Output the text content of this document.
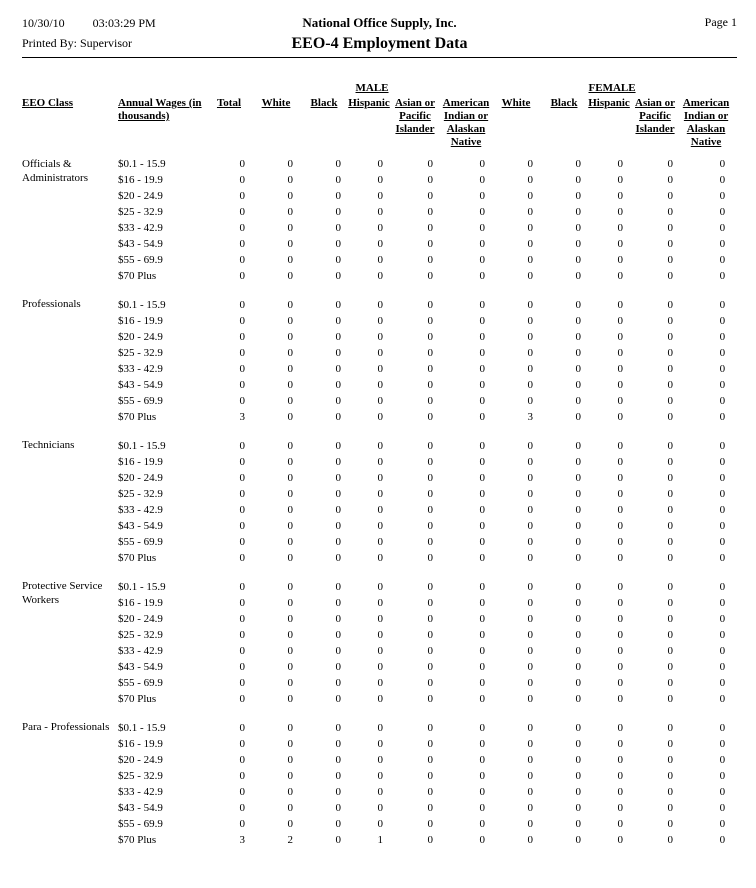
10/30/10 03:03:29 PM
Printed By: Supervisor
National Office Supply, Inc.
EEO-4 Employment Data
Page 1
			MALE					FEMALE				
EEO Class	Annual Wages (in thousands)	Total	White	Black	Hispanic	Asian or Pacific Islander	American Indian or Alaskan Native	White	Black	Hispanic	Asian or Pacific Islander	American Indian or Alaskan Native
Officials & Administrators	$0.1 - 15.9	0	0	0	0	0	0	0	0	0	0	0
	$16 - 19.9	0	0	0	0	0	0	0	0	0	0	0
	$20 - 24.9	0	0	0	0	0	0	0	0	0	0	0
	$25 - 32.9	0	0	0	0	0	0	0	0	0	0	0
	$33 - 42.9	0	0	0	0	0	0	0	0	0	0	0
	$43 - 54.9	0	0	0	0	0	0	0	0	0	0	0
	$55 - 69.9	0	0	0	0	0	0	0	0	0	0	0
	$70 Plus	0	0	0	0	0	0	0	0	0	0	0
Professionals	$0.1 - 15.9	0	0	0	0	0	0	0	0	0	0	0
	$16 - 19.9	0	0	0	0	0	0	0	0	0	0	0
	$20 - 24.9	0	0	0	0	0	0	0	0	0	0	0
	$25 - 32.9	0	0	0	0	0	0	0	0	0	0	0
	$33 - 42.9	0	0	0	0	0	0	0	0	0	0	0
	$43 - 54.9	0	0	0	0	0	0	0	0	0	0	0
	$55 - 69.9	0	0	0	0	0	0	0	0	0	0	0
	$70 Plus	3	0	0	0	0	0	3	0	0	0	0
Technicians	$0.1 - 15.9	0	0	0	0	0	0	0	0	0	0	0
	$16 - 19.9	0	0	0	0	0	0	0	0	0	0	0
	$20 - 24.9	0	0	0	0	0	0	0	0	0	0	0
	$25 - 32.9	0	0	0	0	0	0	0	0	0	0	0
	$33 - 42.9	0	0	0	0	0	0	0	0	0	0	0
	$43 - 54.9	0	0	0	0	0	0	0	0	0	0	0
	$55 - 69.9	0	0	0	0	0	0	0	0	0	0	0
	$70 Plus	0	0	0	0	0	0	0	0	0	0	0
Protective Service Workers	$0.1 - 15.9	0	0	0	0	0	0	0	0	0	0	0
	$16 - 19.9	0	0	0	0	0	0	0	0	0	0	0
	$20 - 24.9	0	0	0	0	0	0	0	0	0	0	0
	$25 - 32.9	0	0	0	0	0	0	0	0	0	0	0
	$33 - 42.9	0	0	0	0	0	0	0	0	0	0	0
	$43 - 54.9	0	0	0	0	0	0	0	0	0	0	0
	$55 - 69.9	0	0	0	0	0	0	0	0	0	0	0
	$70 Plus	0	0	0	0	0	0	0	0	0	0	0
Para - Professionals	$0.1 - 15.9	0	0	0	0	0	0	0	0	0	0	0
	$16 - 19.9	0	0	0	0	0	0	0	0	0	0	0
	$20 - 24.9	0	0	0	0	0	0	0	0	0	0	0
	$25 - 32.9	0	0	0	0	0	0	0	0	0	0	0
	$33 - 42.9	0	0	0	0	0	0	0	0	0	0	0
	$43 - 54.9	0	0	0	0	0	0	0	0	0	0	0
	$55 - 69.9	0	0	0	0	0	0	0	0	0	0	0
	$70 Plus	3	2	0	1	0	0	0	0	0	0	0
